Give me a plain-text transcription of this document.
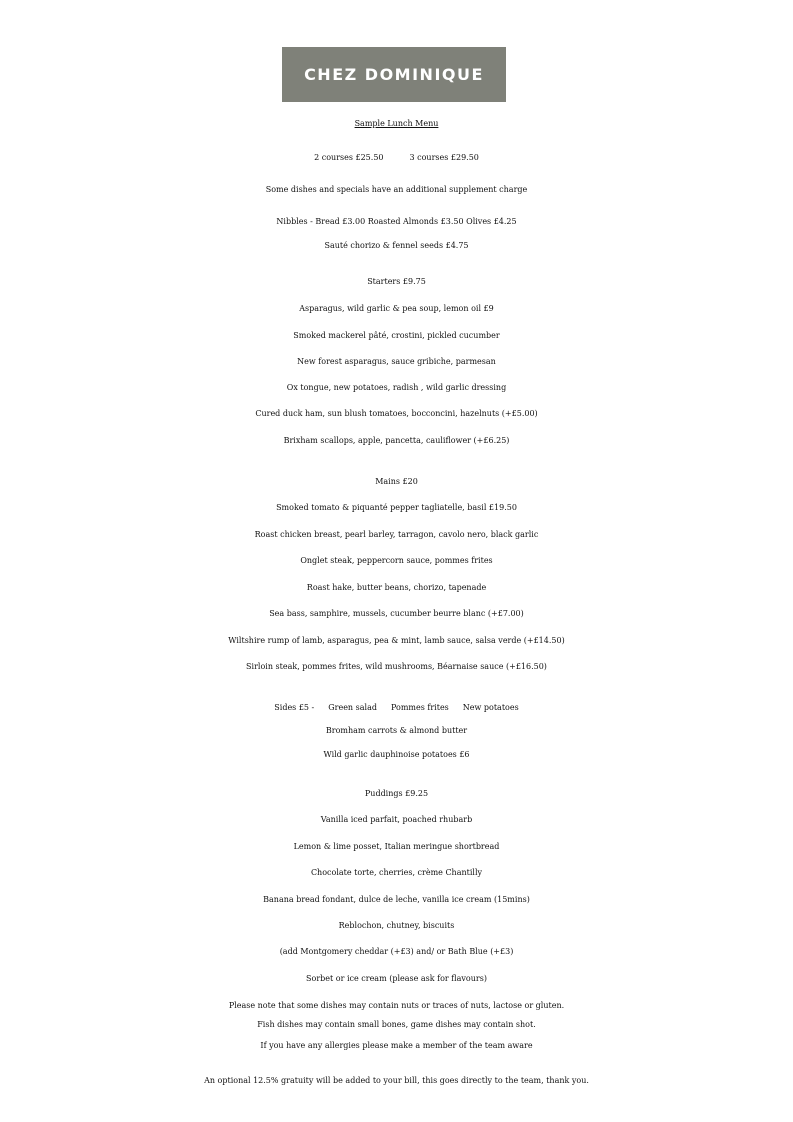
CHEZ DOMINIQUE
Sample Lunch Menu
2 courses £25.50	3 courses £29.50
Some dishes and specials have an additional supplement charge
Nibbles - Bread £3.00 Roasted Almonds £3.50 Olives £4.25
Sauté chorizo & fennel seeds £4.75
Starters £9.75
Asparagus, wild garlic & pea soup, lemon oil £9
Smoked mackerel pâté, crostini, pickled cucumber
New forest asparagus, sauce gribiche, parmesan
Ox tongue, new potatoes, radish , wild garlic dressing
Cured duck ham, sun blush tomatoes, bocconcini, hazelnuts (+£5.00)
Brixham scallops, apple, pancetta, cauliflower (+£6.25)
Mains £20
Smoked tomato & piquanté pepper tagliatelle, basil £19.50
Roast chicken breast, pearl barley, tarragon, cavolo nero, black garlic
Onglet steak, peppercorn sauce, pommes frites
Roast hake, butter beans, chorizo, tapenade
Sea bass, samphire, mussels, cucumber beurre blanc (+£7.00)
Wiltshire rump of lamb, asparagus, pea & mint, lamb sauce, salsa verde (+£14.50)
Sirloin steak, pommes frites, wild mushrooms, Béarnaise sauce (+£16.50)
Sides £5 - Green salad Pommes frites New potatoes
Bromham carrots & almond butter
Wild garlic dauphinoise potatoes £6
Puddings £9.25
Vanilla iced parfait, poached rhubarb
Lemon & lime posset, Italian meringue shortbread
Chocolate torte, cherries, crème Chantilly
Banana bread fondant, dulce de leche, vanilla ice cream (15mins)
Reblochon, chutney, biscuits
(add Montgomery cheddar (+£3) and/ or Bath Blue (+£3)
Sorbet or ice cream (please ask for flavours)
Please note that some dishes may contain nuts or traces of nuts, lactose or gluten.
Fish dishes may contain small bones, game dishes may contain shot.
If you have any allergies please make a member of the team aware
An optional 12.5% gratuity will be added to your bill, this goes directly to the team, thank you.
